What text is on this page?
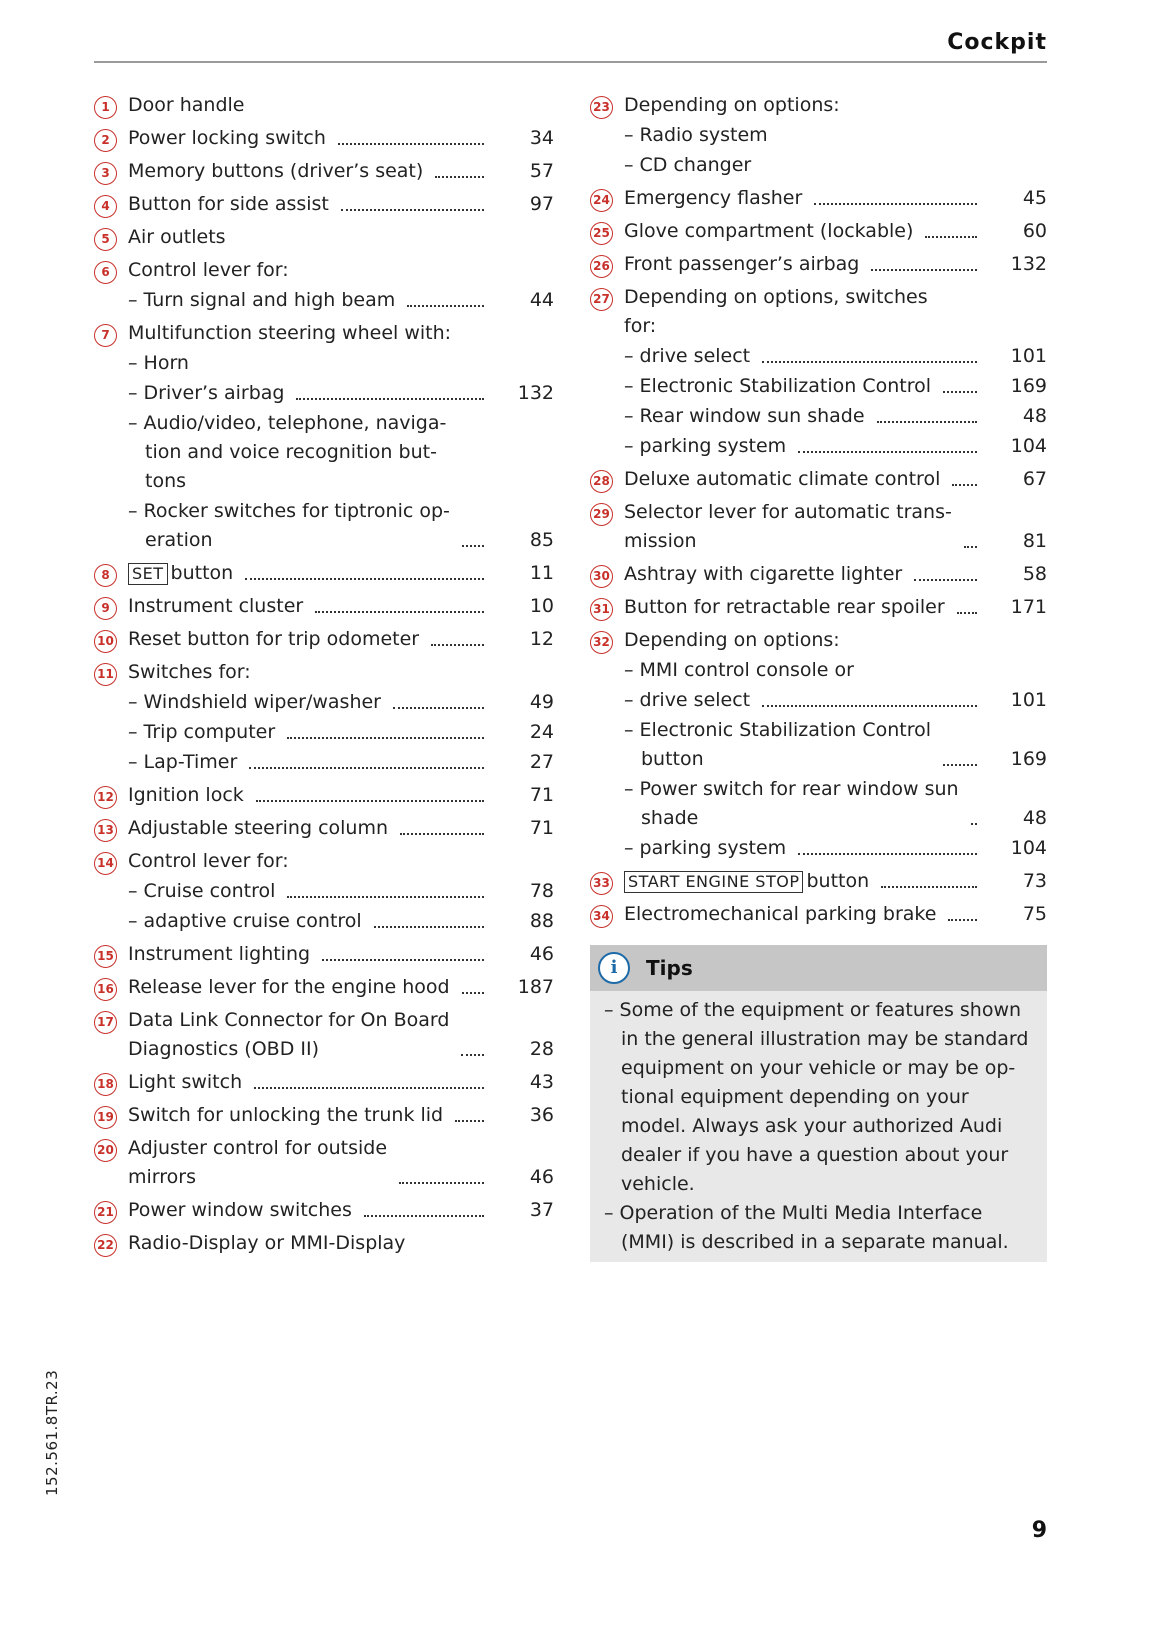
Cockpit
1 Door handle
2 Power locking switch	34
3 Memory buttons (driver’s seat)	57
4 Button for side assist	97
5 Air outlets
6 Control lever for:
– Turn signal and high beam	44
7 Multifunction steering wheel with:
– Horn
– Driver’s airbag	132
– Audio/video, telephone, naviga-
tion and voice recognition but-
tons
– Rocker switches for tiptronic op-
eration	85
8	SET button	11
9 Instrument cluster	10
10 Reset button for trip odometer	12
11 Switches for:
– Windshield wiper/washer	49
– Trip computer	24
– Lap-Timer	27
12 Ignition lock	71
13 Adjustable steering column	71
14 Control lever for:
– Cruise control	78
– adaptive cruise control	88
15 Instrument lighting	46
16 Release lever for the engine hood	187
17 Data Link Connector for On Board
Diagnostics (OBD II)	28
18 Light switch	43
19 Switch for unlocking the trunk lid	36
20 Adjuster control for outside
mirrors	46
21 Power window switches	37
22 Radio-Display or MMI-Display
23 Depending on options:
– Radio system
– CD changer
24 Emergency flasher	45
25 Glove compartment (lockable)	60
26 Front passenger’s airbag	132
27 Depending on options, switches
for:
– drive select	101
– Electronic Stabilization Control	169
– Rear window sun shade	48
– parking system	104
28 Deluxe automatic climate control	67
29 Selector lever for automatic trans-
mission	81
30 Ashtray with cigarette lighter	58
31 Button for retractable rear spoiler	171
32 Depending on options:
– MMI control console or
– drive select	101
– Electronic Stabilization Control
button	169
– Power switch for rear window sun
shade	48
– parking system	104
33	START ENGINE STOP button	73
34 Electromechanical parking brake	75
i	Tips
– Some of the equipment or features shown in the general illustration may be standard equipment on your vehicle or may be op-tional equipment depending on your model. Always ask your authorized Audi dealer if you have a question about your vehicle.
– Operation of the Multi Media Interface (MMI) is described in a separate manual.
152.561.8TR.23
9
